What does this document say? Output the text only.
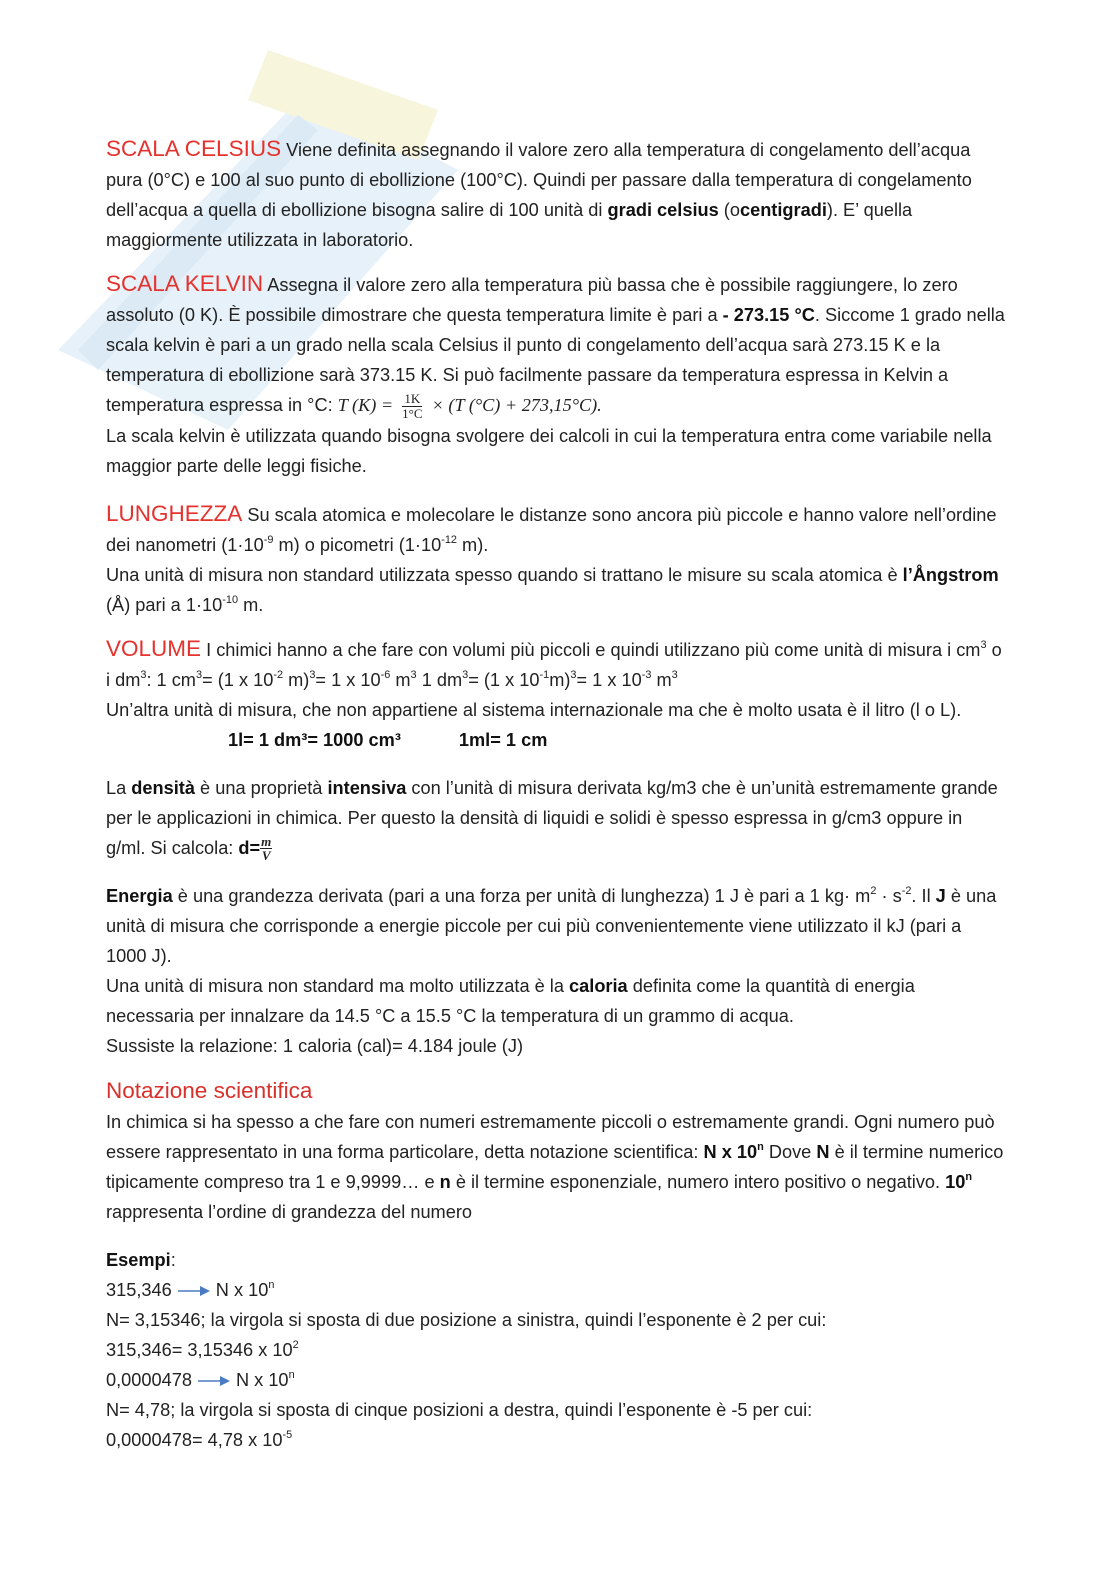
SCALA CELSIUS Viene definita assegnando il valore zero alla temperatura di congelamento dell’acqua pura (0°C) e 100 al suo punto di ebollizione (100°C). Quindi per passare dalla temperatura di congelamento dell’acqua a quella di ebollizione bisogna salire di 100 unità di gradi celsius (ocentigradi). E’ quella maggiormente utilizzata in laboratorio.

SCALA KELVIN Assegna il valore zero alla temperatura più bassa che è possibile raggiungere, lo zero assoluto (0 K). È possibile dimostrare che questa temperatura limite è pari a - 273.15 °C. Siccome 1 grado nella scala kelvin è pari a un grado nella scala Celsius il punto di congelamento dell’acqua sarà 273.15 K e la temperatura di ebollizione sarà 373.15 K. Si può facilmente passare da temperatura espressa in Kelvin a temperatura espressa in °C: T $(K) = \frac{1K}{1^\circ C} \times (T$ (°C) + 273,15°C).

La scala kelvin è utilizzata quando bisogna svolgere dei calcoli in cui la temperatura entra come variabile nella maggior parte delle leggi fisiche.

LUNGHEZZA Su scala atomica e molecolare le distanze sono ancora più piccole e hanno valore nell’ordine dei nanometri ($1\cdot 10^{-9}$ m) o picometri ($1\cdot 10^{-12}$ m).

Una unità di misura non standard utilizzata spesso quando si trattano le misure su scala atomica è l’Ångstrom (Å) pari a $1\cdot 10^{-10}$ m.

VOLUME I chimici hanno a che fare con volumi più piccoli e quindi utilizzano più come unità di misura i $cm^3$ o i $dm^3$: 1 $cm^3= (1$ x $10^{-2}$ m)$^3$= 1 x $10^{-6}$ $m^3$ 1 $dm^3= (1$ x $10^{-1}m)^3= 1$ x $10^{-3}$ $m^3$

Un’altra unità di misura, che non appartiene al sistema internazionale ma che è molto usata è il litro (l o L).1l= 1 dm³= 1000 cm³	1ml= 1 cm

La densità è una proprietà intensiva con l’unità di misura derivata kg/m3 che è un’unità estremamente grande per le applicazioni in chimica. Per questo la densità di liquidi e solidi è spesso espressa in g/cm3 oppure in g/ml. Si calcola: $d= \frac{m}{V}$

Energia è una grandezza derivata (pari a una forza per unità di lunghezza) 1 J è pari a 1 $kg\cdot m^2 \cdot s^{-2}$. Il J è una unità di misura che corrisponde a energie piccole per cui più convenientemente viene utilizzato il kJ (pari a 1000 J).

Una unità di misura non standard ma molto utilizzata è la caloria definita come la quantità di energia necessaria per innalzare da 14.5 °C a 15.5 °C la temperatura di un grammo di acqua.

Sussiste la relazione: 1 caloria (cal)= 4.184 joule (J)

Notazione scientifica

In chimica si ha spesso a che fare con numeri estremamente piccoli o estremamente grandi. Ogni numero può essere rappresentato in una forma particolare, detta notazione scientifica: N x 10$^n$ Dove N è il termine numerico tipicamente compreso tra 1 e 9,9999… e n è il termine esponenziale, numero intero positivo o negativo. 10$^n$ rappresenta l’ordine di grandezza del numero

Esempi:

315,346 N x 10$^n$

N= 3,15346; la virgola si sposta di due posizione a sinistra, quindi l’esponente è 2 per cui:

315,346= 3,15346 x $10^2$

0,0000478 N x 10$^n$

N= 4,78; la virgola si sposta di cinque posizioni a destra, quindi l’esponente è -5 per cui:

0,0000478= 4,78 x $10^{-5}$
